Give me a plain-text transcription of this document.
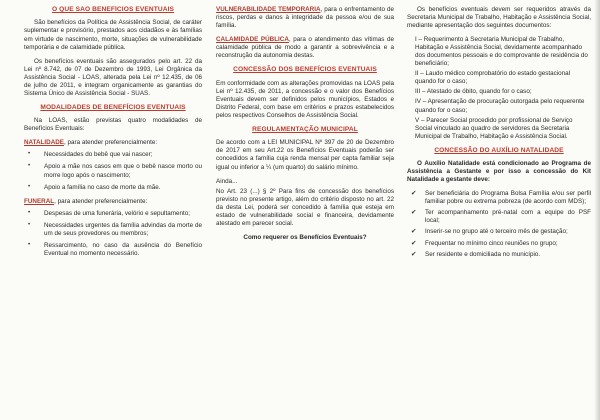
O QUE SÃO BENEFÍCIOS EVENTUAIS

São benefícios da Política de Assistência Social, de caráter suplementar e provisório, prestados aos cidadãos e às famílias em virtude de nascimento, morte, situações de vulnerabilidade temporária e de calamidade pública.

Os benefícios eventuais são assegurados pelo art. 22 da Lei nº 8.742, de 07 de Dezembro de 1993, Lei Orgânica da Assistência Social - LOAS, alterada pela Lei nº 12.435, de 06 de julho de 2011, e integram organicamente as garantias do Sistema Único de Assistência Social - SUAS.

MODALIDADES DE BENEFÍCIOS EVENTUAIS

Na LOAS, estão previstas quatro modalidades de Benefícios Eventuais:

NATALIDADE, para atender preferencialmente:
• Necessidades do bebê que vai nascer;
• Apoio a mãe nos casos em que o bebê nasce morto ou morre logo após o nascimento;
• Apoio a família no caso de morte da mãe.
FUNERAL, para atender preferencialmente:
• Despesas de uma funerária, velório e sepultamento;
• Necessidades urgentes da família advindas da morte de um de seus provedores ou membros;
• Ressarcimento, no caso da ausência do Benefício Eventual no momento necessário.

VULNERABILIDADE TEMPORÁRIA, para o enfrentamento de riscos, perdas e danos à integridade da pessoa e/ou de sua família.

CALAMIDADE PÚBLICA, para o atendimento das vítimas de calamidade pública de modo a garantir a sobrevivência e a reconstrução da autonomia destas.

CONCESSÃO DOS BENEFÍCIOS EVENTUAIS

Em conformidade com as alterações promovidas na LOAS pela Lei nº 12.435, de 2011, a concessão e o valor dos Benefícios Eventuais devem ser definidos pelos municípios, Estados e Distrito Federal, com base em critérios e prazos estabelecidos pelos respectivos Conselhos de Assistência Social.

REGULAMENTAÇÃO MUNICIPAL

De acordo com a LEI MUNICIPAL Nº 397 de 20 de Dezembro de 2017 em seu Art.22 os Benefícios Eventuais poderão ser concedidos a família cuja renda mensal per capta familiar seja igual ou inferior a ¼ (um quarto) do salário mínimo.

Ainda...

No Art. 23 (...) § 2º Para fins de concessão dos benefícios previsto no presente artigo, além do critério disposto no art. 22 da desta Lei, poderá ser concedido à família que esteja em estado de vulnerabilidade social e financeira, devidamente atestado em parecer social.

Como requerer os Benefícios Eventuais?

Os benefícios eventuais devem ser requeridos através da Secretaria Municipal de Trabalho, Habitação e Assistência Social, mediante apresentação dos seguintes documentos:

I – Requerimento à Secretaria Municipal de Trabalho, Habitação e Assistência Social, devidamente acompanhado dos documentos pessoais e do comprovante de residência do beneficiário;

II – Laudo médico comprobatório do estado gestacional quando for o caso;

III – Atestado de óbito, quando for o caso;

IV – Apresentação de procuração outorgada pelo requerente quando for o caso;

V – Parecer Social procedido por profissional de Serviço Social vinculado ao quadro de servidores da Secretaria Municipal de Trabalho, Habitação e Assistência Social.

CONCESSÃO DO AUXÍLIO NATALIDADE

O Auxílio Natalidade está condicionado ao Programa de Assistência a Gestante e por isso a concessão do Kit Natalidade a gestante deve:

✔ Ser beneficiária do Programa Bolsa Família e/ou ser perfil familiar pobre ou extrema pobreza (de acordo com MDS);
✔ Ter acompanhamento pré-natal com a equipe do PSF local;
✔ Inserir-se no grupo até o terceiro mês de gestação;
✔ Frequentar no mínimo cinco reuniões no grupo;
✔ Ser residente e domiciliada no município.
